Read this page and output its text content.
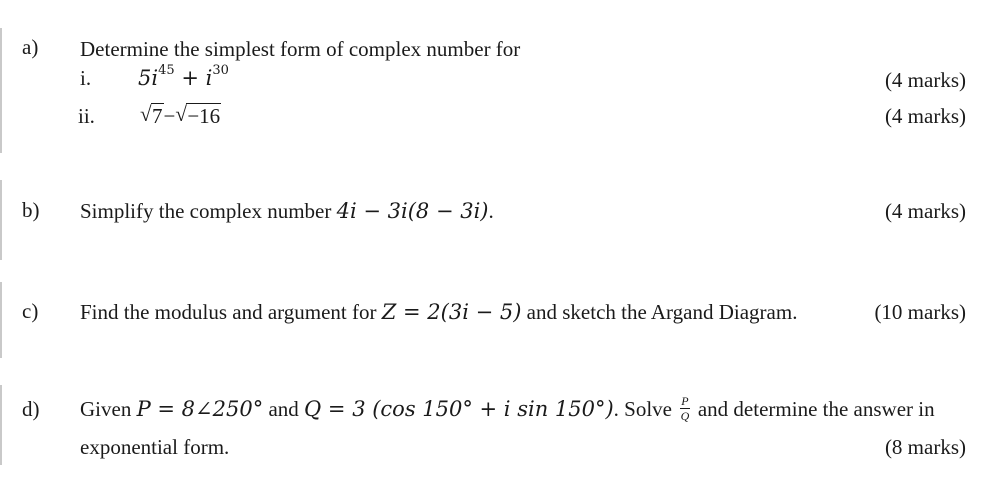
a) Determine the simplest form of complex number for
i. $5i^{45} + i^{30}$	(4 marks)
ii. √ 7− √ −16	(4 marks)
b) Simplify the complex number 4i − 3i(8 − 3i).	(4 marks)
c) Find the modulus and argument for Z = 2(3i − 5) and sketch the Argand Diagram.	(10 marks)
d) Given P = 8∠250° and Q = 3 (cos 150° + i sin 150°). Solve $\frac{P}{Q}$ and determine the answer in
exponential form.	(8 marks)
